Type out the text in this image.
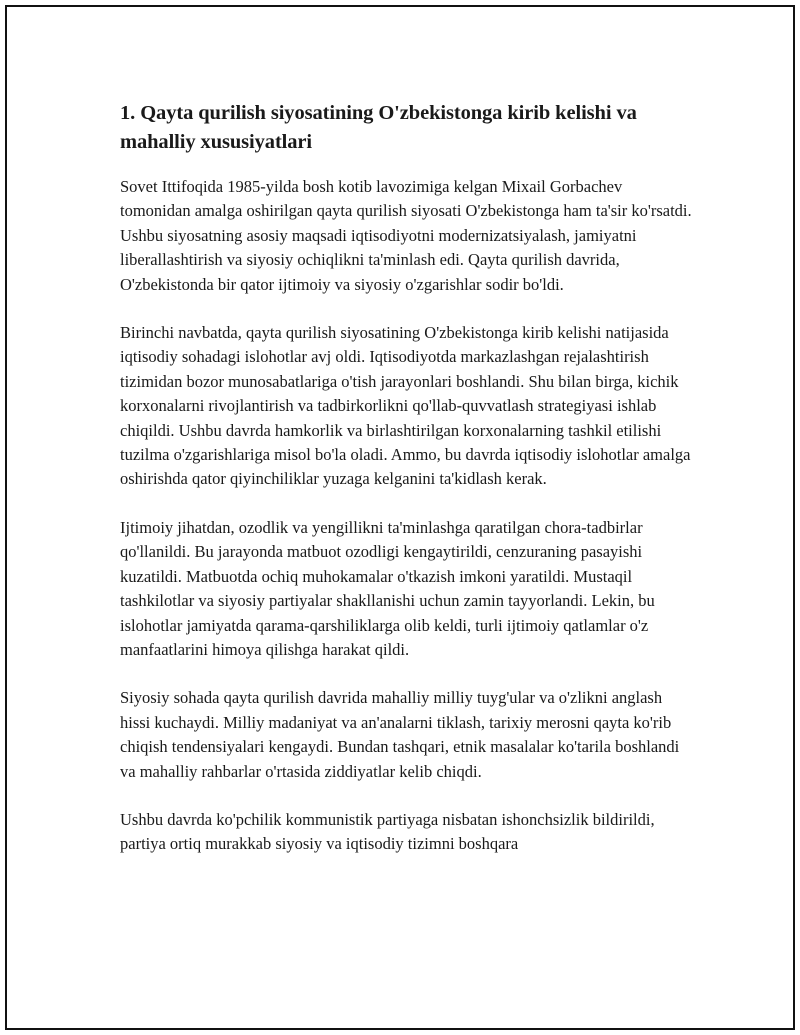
1. Qayta qurilish siyosatining O'zbekistonga kirib kelishi va mahalliy xususiyatlari

Sovet Ittifoqida 1985-yilda bosh kotib lavozimiga kelgan Mixail Gorbachev tomonidan amalga oshirilgan qayta qurilish siyosati O'zbekistonga ham ta'sir ko'rsatdi. Ushbu siyosatning asosiy maqsadi iqtisodiyotni modernizatsiyalash, jamiyatni liberallashtirish va siyosiy ochiqlikni ta'minlash edi. Qayta qurilish davrida, O'zbekistonda bir qator ijtimoiy va siyosiy o'zgarishlar sodir bo'ldi.

Birinchi navbatda, qayta qurilish siyosatining O'zbekistonga kirib kelishi natijasida iqtisodiy sohadagi islohotlar avj oldi. Iqtisodiyotda markazlashgan rejalashtirish tizimidan bozor munosabatlariga o'tish jarayonlari boshlandi. Shu bilan birga, kichik korxonalarni rivojlantirish va tadbirkorlikni qo'llab-quvvatlash strategiyasi ishlab chiqildi. Ushbu davrda hamkorlik va birlashtirilgan korxonalarning tashkil etilishi tuzilma o'zgarishlariga misol bo'la oladi. Ammo, bu davrda iqtisodiy islohotlar amalga oshirishda qator qiyinchiliklar yuzaga kelganini ta'kidlash kerak.

Ijtimoiy jihatdan, ozodlik va yengillikni ta'minlashga qaratilgan chora-tadbirlar qo'llanildi. Bu jarayonda matbuot ozodligi kengaytirildi, cenzuraning pasayishi kuzatildi. Matbuotda ochiq muhokamalar o'tkazish imkoni yaratildi. Mustaqil tashkilotlar va siyosiy partiyalar shakllanishi uchun zamin tayyorlandi. Lekin, bu islohotlar jamiyatda qarama-qarshiliklarga olib keldi, turli ijtimoiy qatlamlar o'z manfaatlarini himoya qilishga harakat qildi.

Siyosiy sohada qayta qurilish davrida mahalliy milliy tuyg'ular va o'zlikni anglash hissi kuchaydi. Milliy madaniyat va an'analarni tiklash, tarixiy merosni qayta ko'rib chiqish tendensiyalari kengaydi. Bundan tashqari, etnik masalalar ko'tarila boshlandi va mahalliy rahbarlar o'rtasida ziddiyatlar kelib chiqdi.

Ushbu davrda ko'pchilik kommunistik partiyaga nisbatan ishonchsizlik bildirildi, partiya ortiq murakkab siyosiy va iqtisodiy tizimni boshqara
